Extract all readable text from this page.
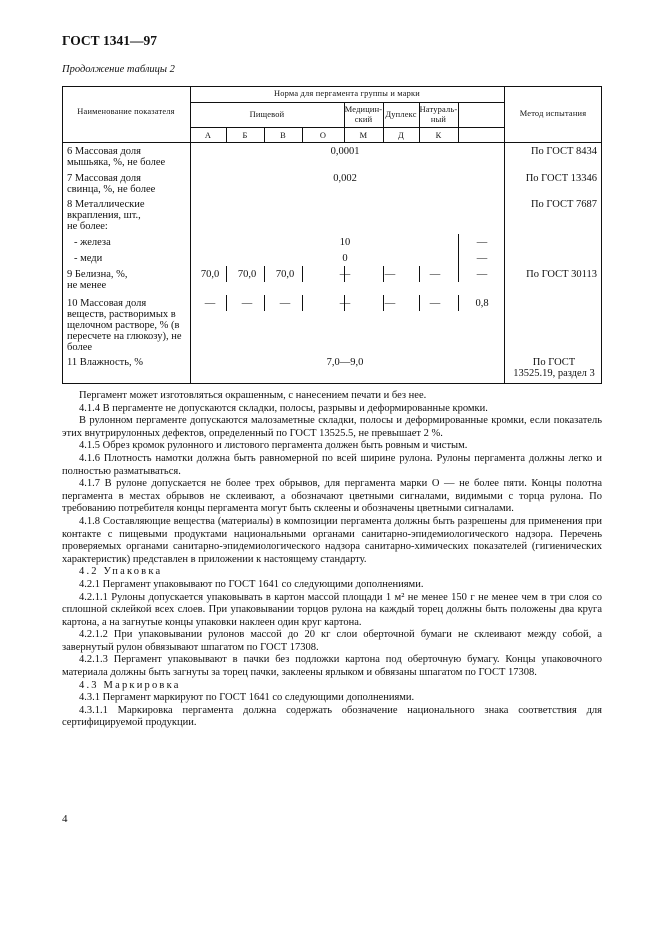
ГОСТ 1341—97
Продолжение таблицы 2
Наименование показателя
Норма для пергамента группы и марки
Пищевой
Медицин-
ский	Дуплекс
Натураль-
ный
Метод испытания
А	Б	В	О	М	Д	К
6 Массовая доля
мышьяка, %, не более
0,0001	По ГОСТ 8434
7 Массовая доля
свинца, %, не более
0,002	По ГОСТ 13346
8 Металлические
вкрапления, шт.,
не более:
По ГОСТ 7687
- железа	10	—
- меди	0	—
9 Белизна, %,
не менее
70,0 70,0 70,0	—	—	—	—	По ГОСТ 30113
10 Массовая доля
веществ, растворимых в
щелочном растворе, % (в
пересчете на глюкозу), не
более
—	—	—	—	—	—	0,8
11 Влажность, %	7,0—9,0	По ГОСТ
13525.19, раздел 3

Пергамент может изготовляться окрашенным, с нанесением печати и без нее.

4.1.4 В пергаменте не допускаются складки, полосы, разрывы и деформированные кромки.

В рулонном пергаменте допускаются малозаметные складки, полосы и деформированные кромки, если показатель этих внутрирулонных дефектов, определенный по ГОСТ 13525.5, не превышает 2 %.

4.1.5 Обрез кромок рулонного и листового пергамента должен быть ровным и чистым.

4.1.6 Плотность намотки должна быть равномерной по всей ширине рулона. Рулоны пергамента должны легко и полностью разматываться.

4.1.7 В рулоне допускается не более трех обрывов, для пергамента марки О — не более пяти. Концы полотна пергамента в местах обрывов не склеивают, а обозначают цветными сигналами, видимыми с торца рулона. По требованию потребителя концы пергамента могут быть склеены и обозначены цветными сигналами.

4.1.8 Составляющие вещества (материалы) в композиции пергамента должны быть разрешены для применения при контакте с пищевыми продуктами национальными органами санитарно-эпидемиологического надзора. Перечень проверяемых органами санитарно-эпидемиологического надзора санитарно-химических показателей (гигиенических характеристик) представлен в приложении к настоящему стандарту.

4.2 Упаковка

4.2.1 Пергамент упаковывают по ГОСТ 1641 со следующими дополнениями.

4.2.1.1 Рулоны допускается упаковывать в картон массой площади 1 м² не менее 150 г не менее чем в три слоя со сплошной склейкой всех слоев. При упаковывании торцов рулона на каждый торец должны быть положены два круга картона, а на загнутые концы упаковки наклеен один круг картона.

4.2.1.2 При упаковывании рулонов массой до 20 кг слои оберточной бумаги не склеивают между собой, а завернутый рулон обвязывают шпагатом по ГОСТ 17308.

4.2.1.3 Пергамент упаковывают в пачки без подложки картона под оберточную бумагу. Концы упаковочного материала должны быть загнуты за торец пачки, заклеены ярлыком и обвязаны шпагатом по ГОСТ 17308.

4.3 Маркировка

4.3.1 Пергамент маркируют по ГОСТ 1641 со следующими дополнениями.

4.3.1.1 Маркировка пергамента должна содержать обозначение национального знака соответствия для сертифицируемой продукции.

4
